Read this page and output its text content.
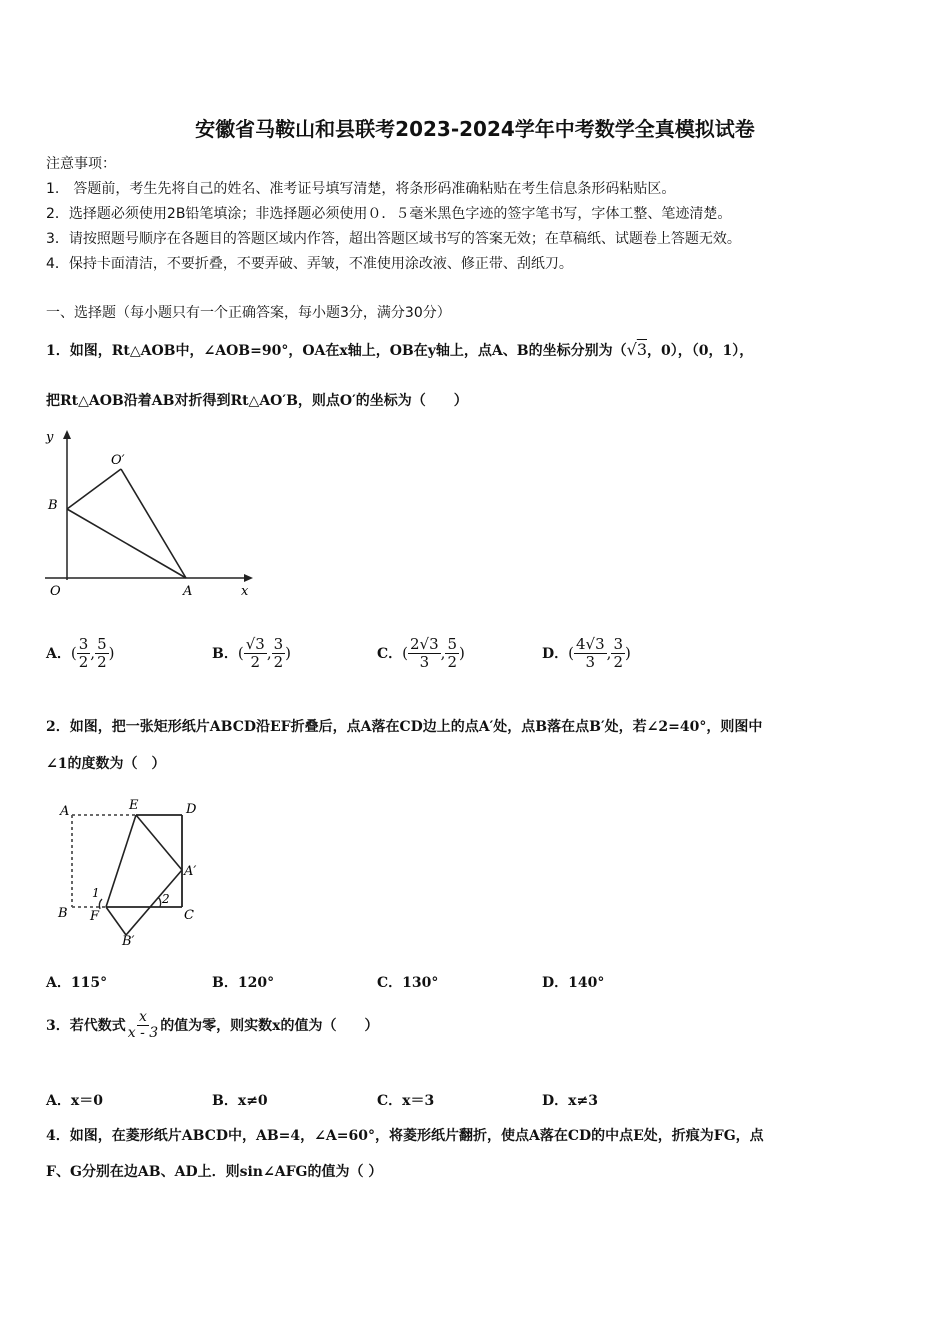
安徽省马鞍山和县联考2023-2024学年中考数学全真模拟试卷
注意事项：
1.　答题前，考生先将自己的姓名、准考证号填写清楚，将条形码准确粘贴在考生信息条形码粘贴区。
2．选择题必须使用2B铅笔填涂；非选择题必须使用０．５毫米黑色字迹的签字笔书写，字体工整、笔迹清楚。
3．请按照题号顺序在各题目的答题区域内作答，超出答题区域书写的答案无效；在草稿纸、试题卷上答题无效。
4．保持卡面清洁，不要折叠，不要弄破、弄皱，不准使用涂改液、修正带、刮纸刀。
一、选择题（每小题只有一个正确答案，每小题3分，满分30分）
1．如图，Rt△AOB中，∠AOB=90°，OA在x轴上，OB在y轴上，点A、B的坐标分别为（√3，0），（0，1），
把Rt△AOB沿着AB对折得到Rt△AO′B，则点O′的坐标为（　　）
y
x
O	A
B
O′
A．( $\frac{3}{2}$ , $\frac{5}{2}$ )	B．( $\frac{√3}{2}$ , $\frac{3}{2}$ )	C．( $\frac{2√3}{3}$ , $\frac{5}{2}$ )	D．( $\frac{4√3}{3}$ , $\frac{3}{2}$ )
2．如图，把一张矩形纸片ABCD沿EF折叠后，点A落在CD边上的点A′处，点B落在点B′处，若∠2=40°，则图中
∠1的度数为（　）
A	E	D
A′
B F	C
B′
1	2
A．115°	B．120°	C．130°	D．140°
3．若代数式 $\frac{x}{x - 3}$ 的值为零，则实数x的值为（　　）
A．x＝0	B．x≠0	C．x＝3	D．x≠3
4．如图，在菱形纸片ABCD中，AB=4，∠A=60°，将菱形纸片翻折，使点A落在CD的中点E处，折痕为FG，点
F、G分别在边AB、AD上．则sin∠AFG的值为（ ）
